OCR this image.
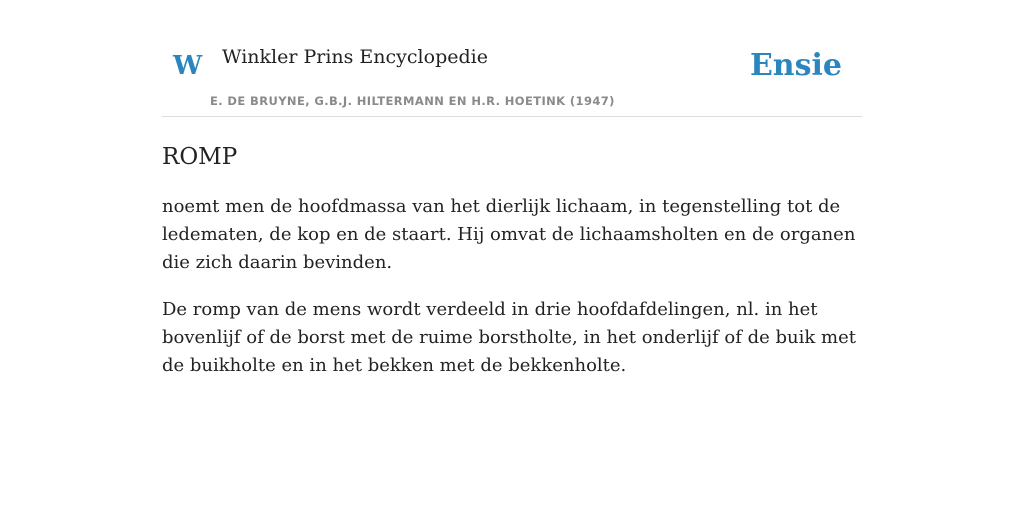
W Winkler Prins Encyclopedie
E. DE BRUYNE, G.B.J. HILTERMANN EN H.R. HOETINK (1947)
Ensie
ROMP

noemt men de hoofdmassa van het dierlijk lichaam, in tegenstelling tot de ledematen, de kop en de staart. Hij omvat de lichaamsholten en de organen die zich daarin bevinden.

De romp van de mens wordt verdeeld in drie hoofdafdelingen, nl. in het bovenlijf of de borst met de ruime borstholte, in het onderlijf of de buik met de buikholte en in het bekken met de bekkenholte.
